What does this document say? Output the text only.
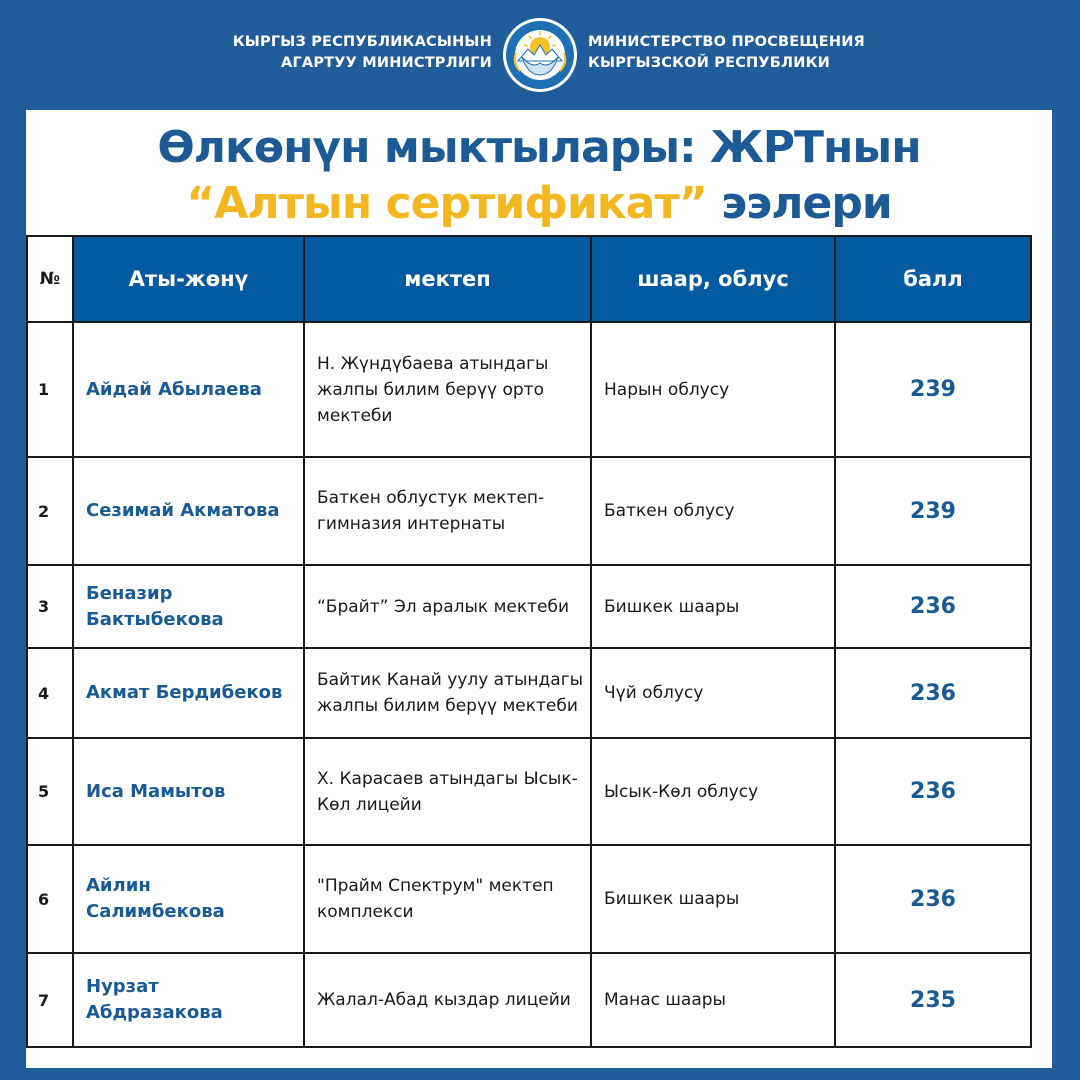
КЫРГЫЗ РЕСПУБЛИКАСЫНЫН
АГАРТУУ МИНИСТРЛИГИ
МИНИСТЕРСТВО ПРОСВЕЩЕНИЯ
КЫРГЫЗСКОЙ РЕСПУБЛИКИ
Өлкөнүн мыктылары: ЖРТнын
“Алтын сертификат” ээлери
№	Аты-жөнү	мектеп	шаар, облус	балл
1	Айдай Абылаева	Н. Жүндүбаева атындагы жалпы билим берүү орто мектеби	Нарын облусу	239
2	Сезимай Акматова	Баткен облустук мектеп-гимназия интернаты	Баткен облусу	239
3	Беназир Бактыбекова	“Брайт” Эл аралык мектеби	Бишкек шаары	236
4	Акмат Бердибеков	Байтик Канай уулу атындагы жалпы билим берүү мектеби	Чүй облусу	236
5	Иса Мамытов	Х. Карасаев атындагы Ысык-Көл лицейи	Ысык-Көл облусу	236
6	Айлин Салимбекова	"Прайм Спектрум" мектеп комплекси	Бишкек шаары	236
7	Нурзат Абдразакова	Жалал-Абад кыздар лицейи	Манас шаары	235
